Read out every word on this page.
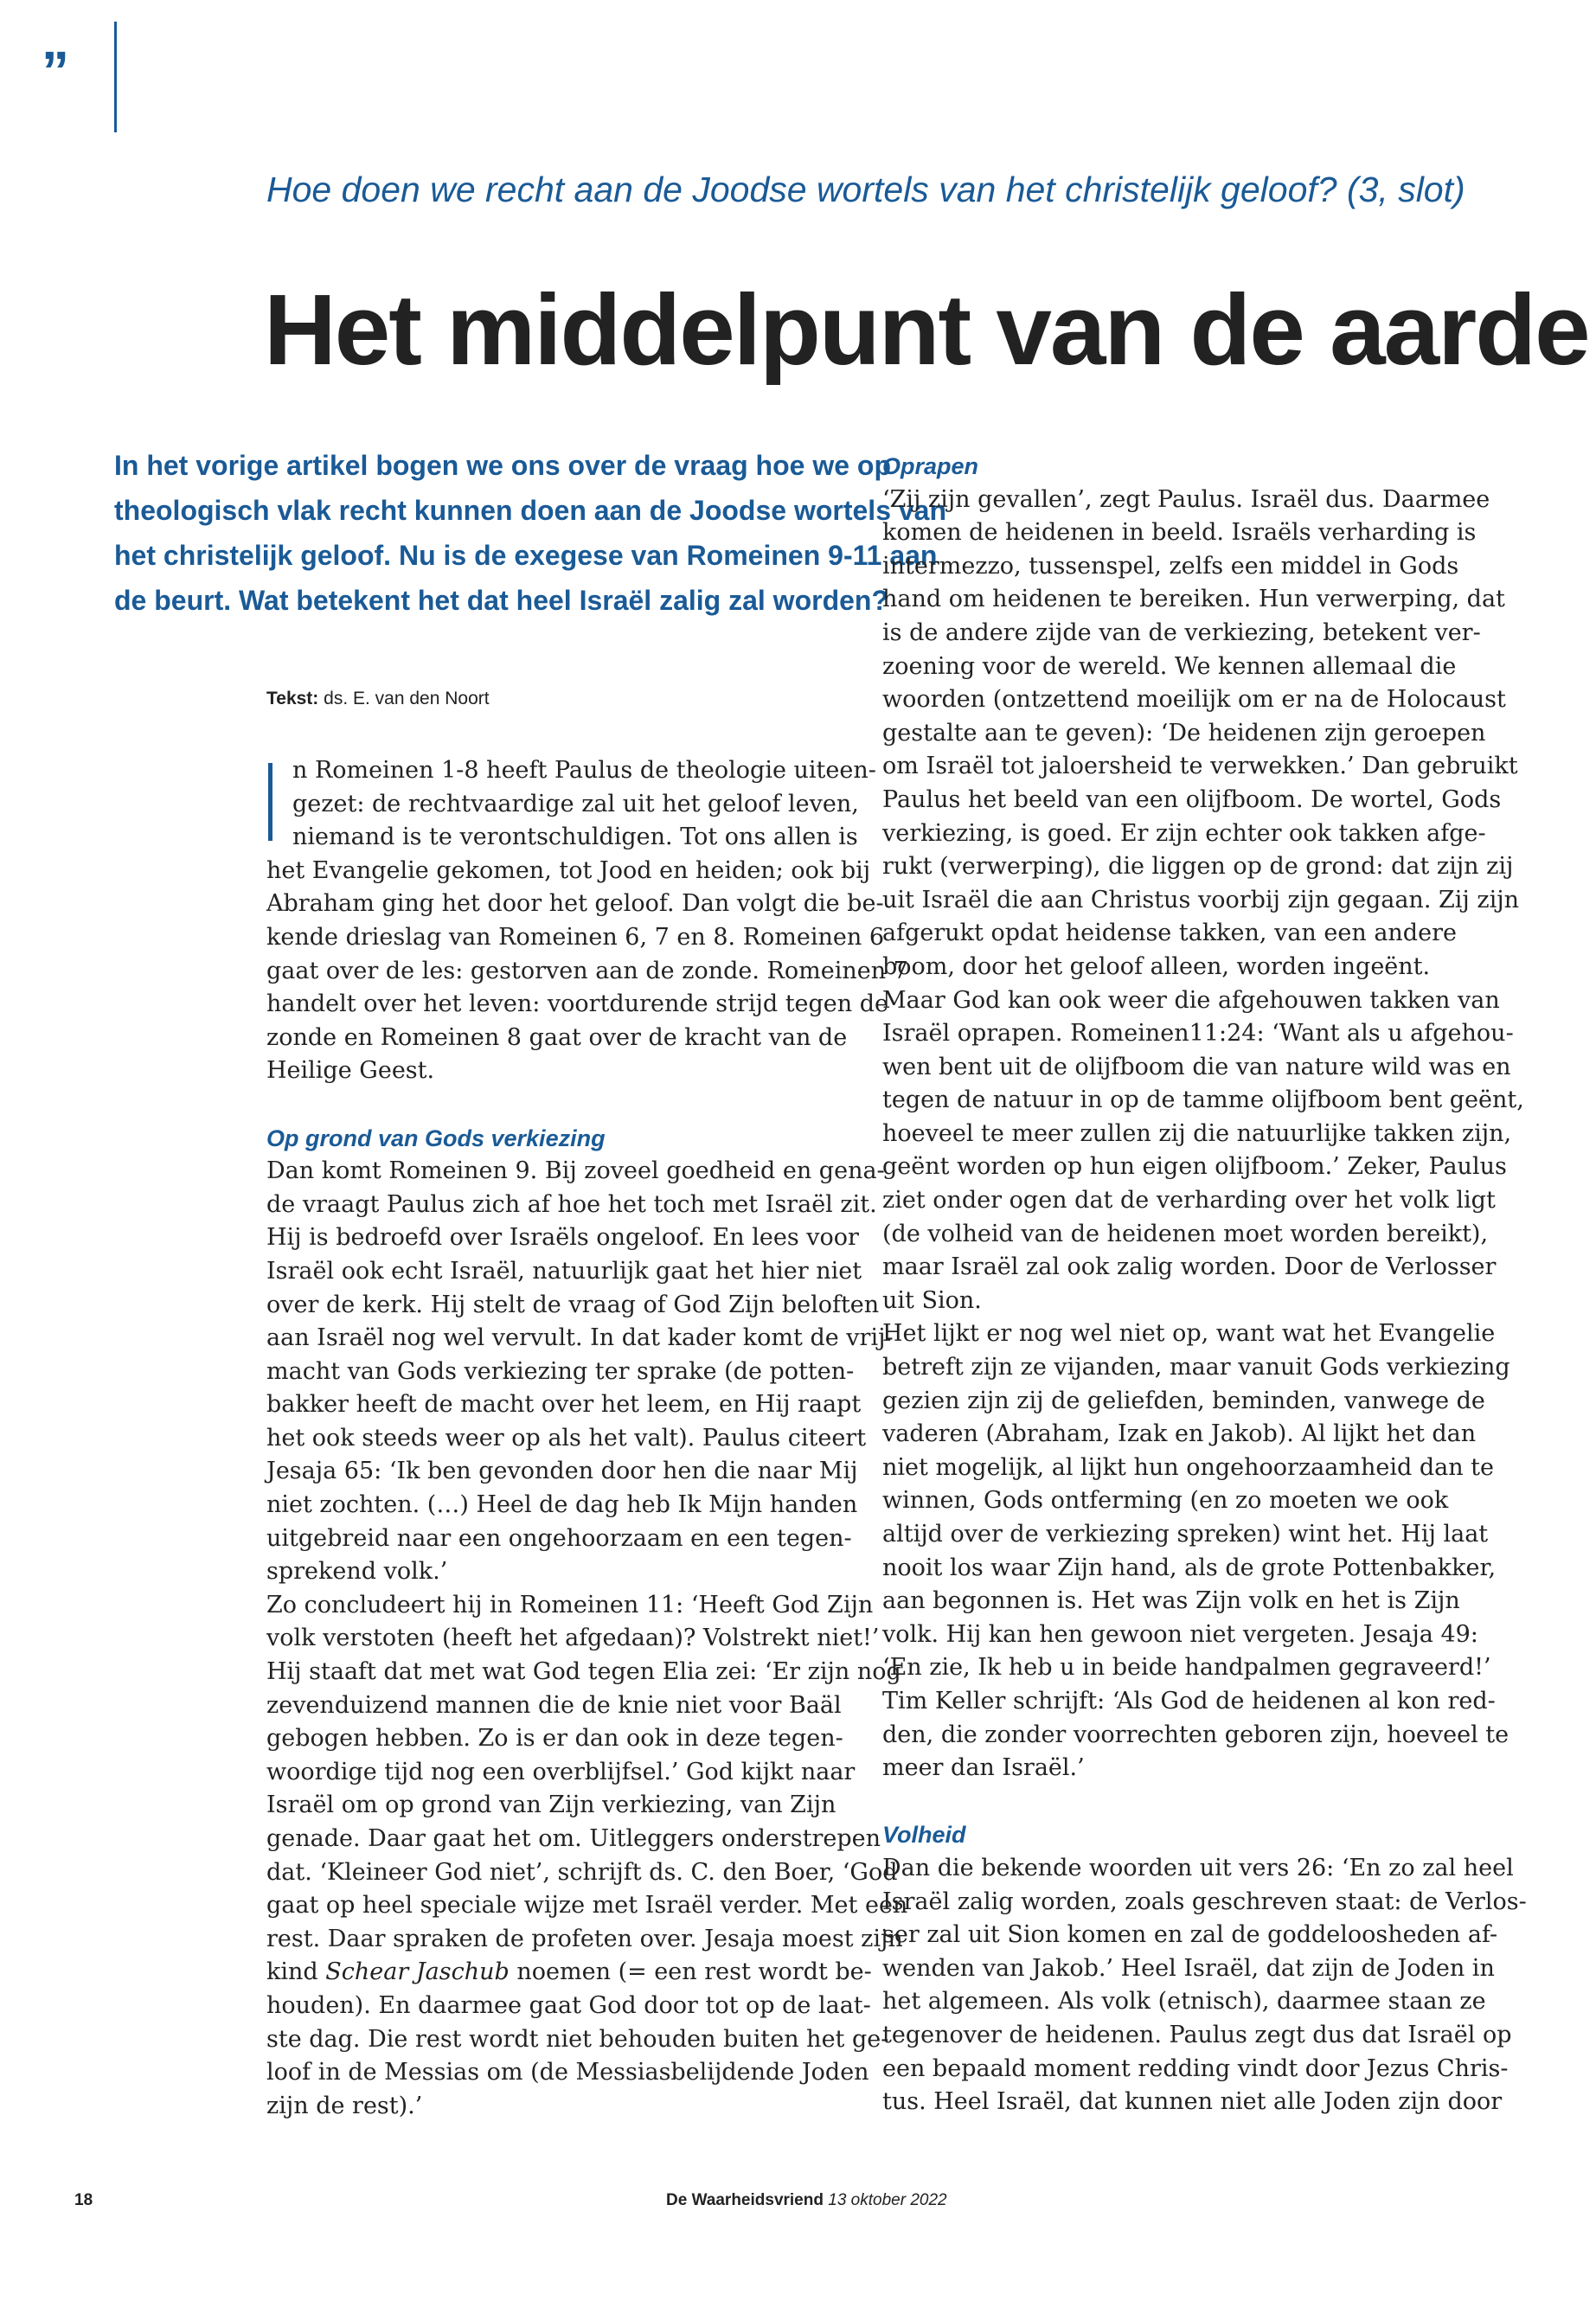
”
Hoe doen we recht aan de Joodse wortels van het christelijk geloof? (3, slot)
Het middelpunt van de aarde
In het vorige artikel bogen we ons over de vraag hoe we op
theologisch vlak recht kunnen doen aan de Joodse wortels van
het christelijk geloof. Nu is de exegese van Romeinen 9-11 aan
de beurt. Wat betekent het dat heel Israël zalig zal worden?
Tekst: ds. E. van den Noort
n Romeinen 1-8 heeft Paulus de theologie uiteen-
gezet: de rechtvaardige zal uit het geloof leven,
niemand is te verontschuldigen. Tot ons allen is
het Evangelie gekomen, tot Jood en heiden; ook bij
Abraham ging het door het geloof. Dan volgt die be-
kende drieslag van Romeinen 6, 7 en 8. Romeinen 6
gaat over de les: gestorven aan de zonde. Romeinen 7
handelt over het leven: voortdurende strijd tegen de
zonde en Romeinen 8 gaat over de kracht van de
Heilige Geest.
Op grond van Gods verkiezing
Dan komt Romeinen 9. Bij zoveel goedheid en gena-
de vraagt Paulus zich af hoe het toch met Israël zit.
Hij is bedroefd over Israëls ongeloof. En lees voor
Israël ook echt Israël, natuurlijk gaat het hier niet
over de kerk. Hij stelt de vraag of God Zijn beloften
aan Israël nog wel vervult. In dat kader komt de vrij-
macht van Gods verkiezing ter sprake (de potten-
bakker heeft de macht over het leem, en Hij raapt
het ook steeds weer op als het valt). Paulus citeert
Jesaja 65: ‘Ik ben gevonden door hen die naar Mij
niet zochten. (…) Heel de dag heb Ik Mijn handen
uitgebreid naar een ongehoorzaam en een tegen-
sprekend volk.’
Zo concludeert hij in Romeinen 11: ‘Heeft God Zijn
volk verstoten (heeft het afgedaan)? Volstrekt niet!’
Hij staaft dat met wat God tegen Elia zei: ‘Er zijn nog
zevenduizend mannen die de knie niet voor Baäl
gebogen hebben. Zo is er dan ook in deze tegen-
woordige tijd nog een overblijfsel.’ God kijkt naar
Israël om op grond van Zijn verkiezing, van Zijn
genade. Daar gaat het om. Uitleggers onderstrepen
dat. ‘Kleineer God niet’, schrijft ds. C. den Boer, ‘God
gaat op heel speciale wijze met Israël verder. Met een
rest. Daar spraken de profeten over. Jesaja moest zijn
kind Schear Jaschub noemen (= een rest wordt be-
houden). En daarmee gaat God door tot op de laat-
ste dag. Die rest wordt niet behouden buiten het ge-
loof in de Messias om (de Messiasbelijdende Joden
zijn de rest).’
Oprapen
‘Zij zijn gevallen’, zegt Paulus. Israël dus. Daarmee
komen de heidenen in beeld. Israëls verharding is
intermezzo, tussenspel, zelfs een middel in Gods
hand om heidenen te bereiken. Hun verwerping, dat
is de andere zijde van de verkiezing, betekent ver-
zoening voor de wereld. We kennen allemaal die
woorden (ontzettend moeilijk om er na de Holocaust
gestalte aan te geven): ‘De heidenen zijn geroepen
om Israël tot jaloersheid te verwekken.’ Dan gebruikt
Paulus het beeld van een olijfboom. De wortel, Gods
verkiezing, is goed. Er zijn echter ook takken afge-
rukt (verwerping), die liggen op de grond: dat zijn zij
uit Israël die aan Christus voorbij zijn gegaan. Zij zijn
afgerukt opdat heidense takken, van een andere
boom, door het geloof alleen, worden ingeënt.
Maar God kan ook weer die afgehouwen takken van
Israël oprapen. Romeinen11:24: ‘Want als u afgehou-
wen bent uit de olijfboom die van nature wild was en
tegen de natuur in op de tamme olijfboom bent geënt,
hoeveel te meer zullen zij die natuurlijke takken zijn,
geënt worden op hun eigen olijfboom.’ Zeker, Paulus
ziet onder ogen dat de verharding over het volk ligt
(de volheid van de heidenen moet worden bereikt),
maar Israël zal ook zalig worden. Door de Verlosser
uit Sion.
Het lijkt er nog wel niet op, want wat het Evangelie
betreft zijn ze vijanden, maar vanuit Gods verkiezing
gezien zijn zij de geliefden, beminden, vanwege de
vaderen (Abraham, Izak en Jakob). Al lijkt het dan
niet mogelijk, al lijkt hun ongehoorzaamheid dan te
winnen, Gods ontferming (en zo moeten we ook
altijd over de verkiezing spreken) wint het. Hij laat
nooit los waar Zijn hand, als de grote Pottenbakker,
aan begonnen is. Het was Zijn volk en het is Zijn
volk. Hij kan hen gewoon niet vergeten. Jesaja 49:
‘En zie, Ik heb u in beide handpalmen gegraveerd!’
Tim Keller schrijft: ‘Als God de heidenen al kon red-
den, die zonder voorrechten geboren zijn, hoeveel te
meer dan Israël.’
Volheid
Dan die bekende woorden uit vers 26: ‘En zo zal heel
Israël zalig worden, zoals geschreven staat: de Verlos-
ser zal uit Sion komen en zal de goddeloosheden af-
wenden van Jakob.’ Heel Israël, dat zijn de Joden in
het algemeen. Als volk (etnisch), daarmee staan ze
tegenover de heidenen. Paulus zegt dus dat Israël op
een bepaald moment redding vindt door Jezus Chris-
tus. Heel Israël, dat kunnen niet alle Joden zijn door
18	De Waarheidsvriend 13 oktober 2022
